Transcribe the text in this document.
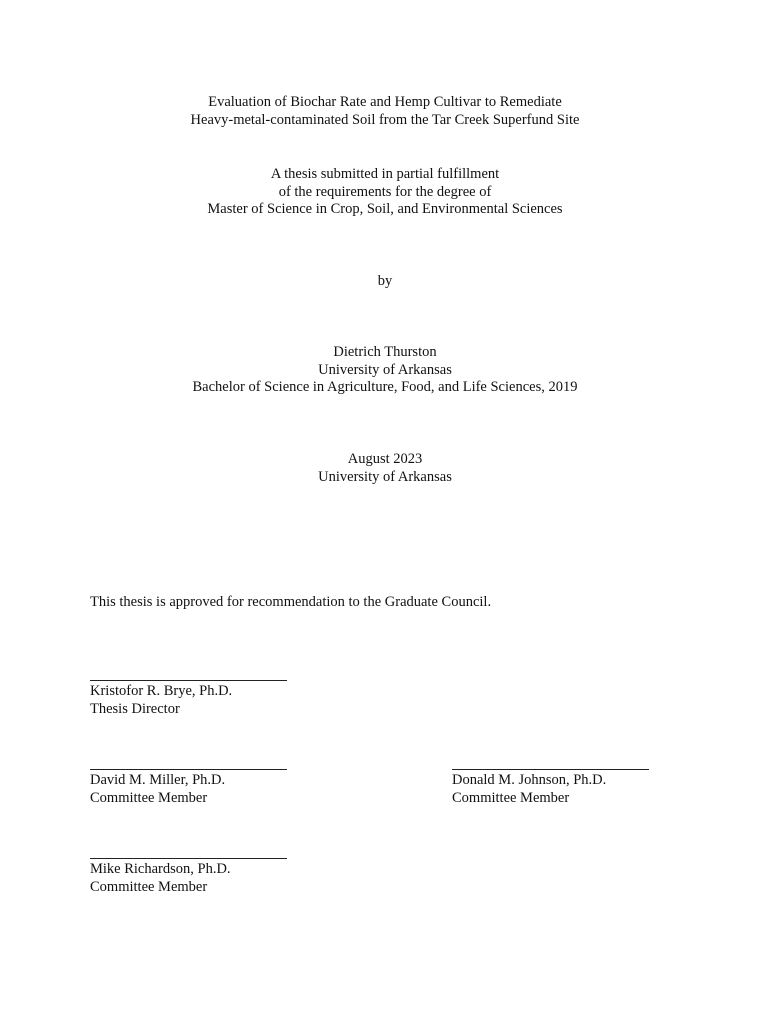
Evaluation of Biochar Rate and Hemp Cultivar to Remediate
Heavy-metal-contaminated Soil from the Tar Creek Superfund Site
A thesis submitted in partial fulfillment
of the requirements for the degree of
Master of Science in Crop, Soil, and Environmental Sciences
by
Dietrich Thurston
University of Arkansas
Bachelor of Science in Agriculture, Food, and Life Sciences, 2019
August 2023
University of Arkansas
This thesis is approved for recommendation to the Graduate Council.
Kristofor R. Brye, Ph.D.
Thesis Director
David M. Miller, Ph.D.
Committee Member
Donald M. Johnson, Ph.D.
Committee Member
Mike Richardson, Ph.D.
Committee Member
